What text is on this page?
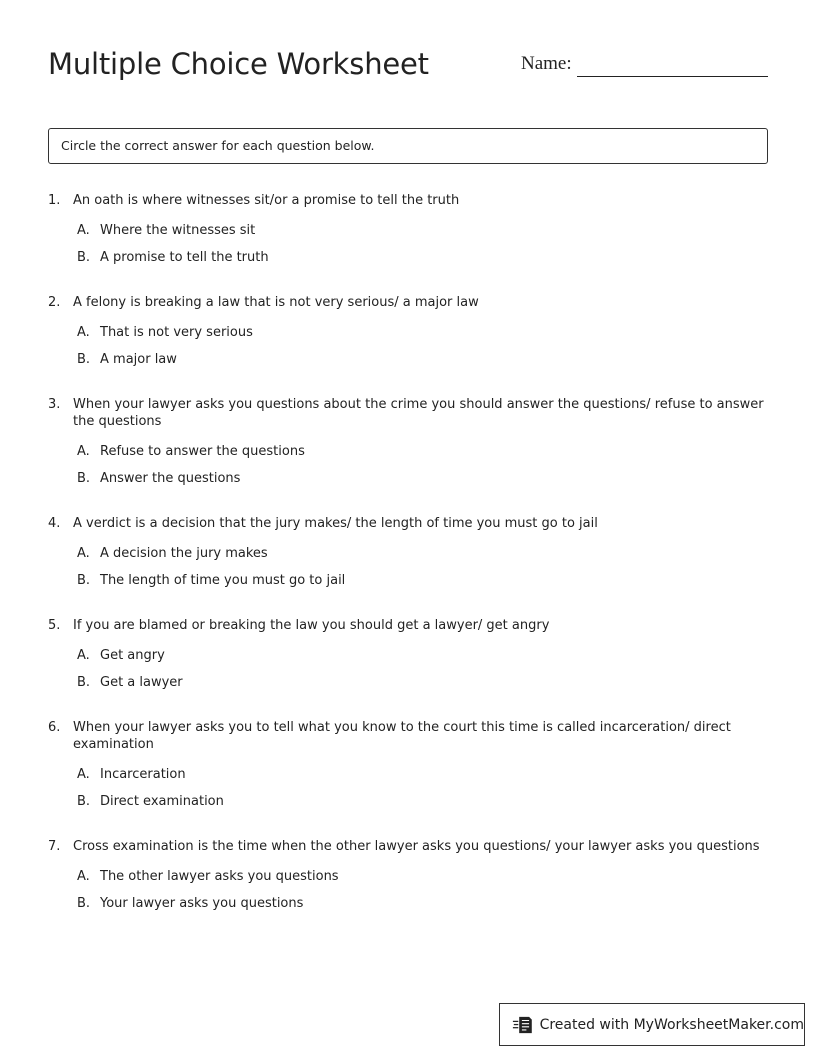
Multiple Choice Worksheet	Name:
Circle the correct answer for each question below.
1. An oath is where witnesses sit/or a promise to tell the truth
A. Where the witnesses sit
B. A promise to tell the truth
2. A felony is breaking a law that is not very serious/ a major law
A. That is not very serious
B. A major law
3. When your lawyer asks you questions about the crime you should answer the questions/ refuse to answer the questions
A. Refuse to answer the questions
B. Answer the questions
4. A verdict is a decision that the jury makes/ the length of time you must go to jail
A. A decision the jury makes
B. The length of time you must go to jail
5. If you are blamed or breaking the law you should get a lawyer/ get angry
A. Get angry
B. Get a lawyer
6. When your lawyer asks you to tell what you know to the court this time is called incarceration/ direct examination
A. Incarceration
B. Direct examination
7. Cross examination is the time when the other lawyer asks you questions/ your lawyer asks you questions
A. The other lawyer asks you questions
B. Your lawyer asks you questions
Created with MyWorksheetMaker.com
